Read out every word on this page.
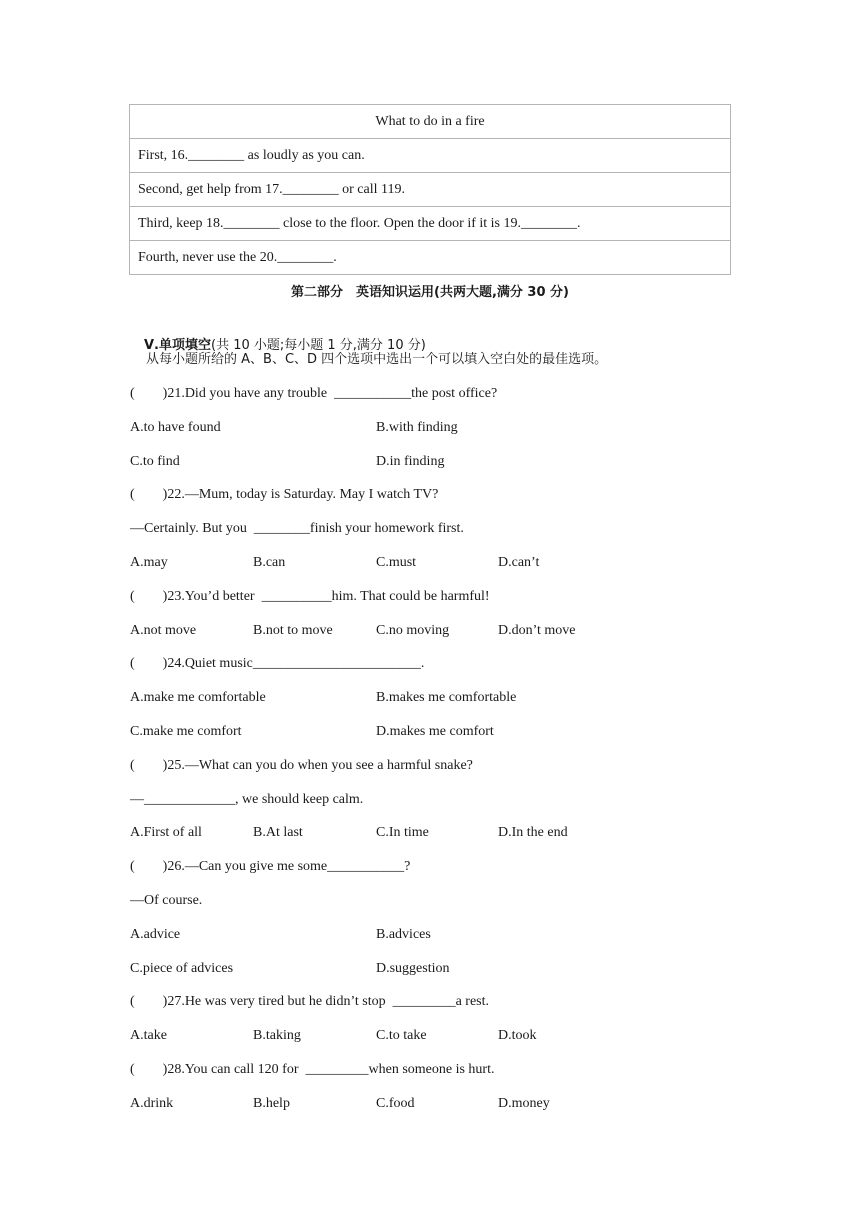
What to do in a fire
First, 16.________ as loudly as you can.
Second, get help from 17.________ or call 119.
Third, keep 18.________ close to the floor. Open the door if it is 19.________.
Fourth, never use the 20.________.
第二部分　英语知识运用(共两大题,满分 30 分)

Ⅴ.单项填空(共 10 小题;每小题 1 分,满分 10 分)

从每小题所给的 A、B、C、D 四个选项中选出一个可以填入空白处的最佳选项。
(        )21.Did you have any trouble  ___________the post office?
A.to have found	B.with finding
C.to find	D.in finding
(        )22.—Mum, today is Saturday. May I watch TV?
—Certainly. But you  ________finish your homework first.
A.may	B.can	C.must	D.can’t
(        )23.You’d better  __________him. That could be harmful!
A.not move	B.not to move	C.no moving	D.don’t move
(        )24.Quiet music________________________.
A.make me comfortable	B.makes me comfortable
C.make me comfort	D.makes me comfort
(        )25.—What can you do when you see a harmful snake?
—_____________, we should keep calm.
A.First of all	B.At last	C.In time	D.In the end
(        )26.—Can you give me some___________?
—Of course.
A.advice	B.advices
C.piece of advices	D.suggestion
(        )27.He was very tired but he didn’t stop  _________a rest.
A.take	B.taking	C.to take	D.took
(        )28.You can call 120 for  _________when someone is hurt.
A.drink	B.help	C.food	D.money
